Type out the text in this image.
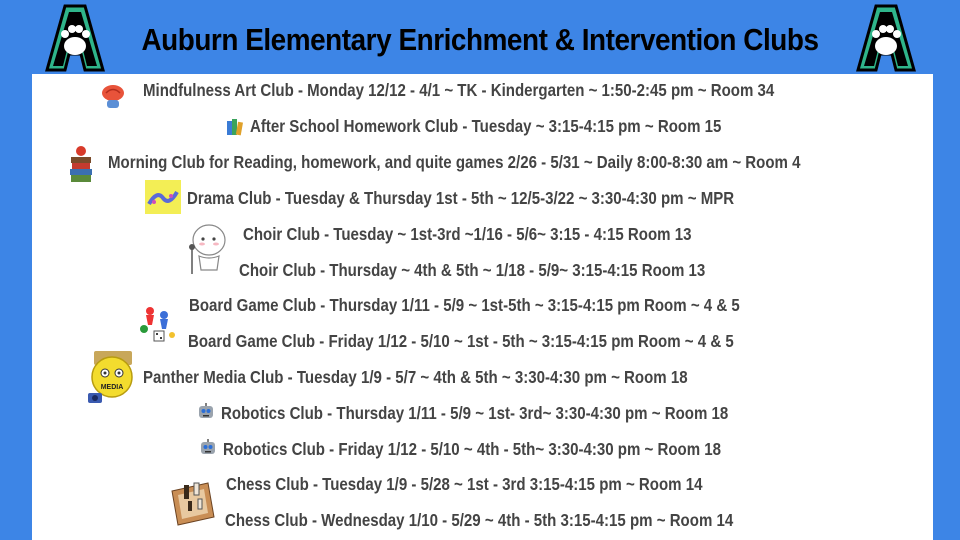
Auburn Elementary Enrichment & Intervention Clubs
MEDIA
Mindfulness Art Club - Monday 12/12 - 4/1 ~ TK - Kindergarten ~ 1:50-2:45 pm ~ Room 34
After School Homework Club - Tuesday ~ 3:15-4:15 pm ~ Room 15
Morning Club for Reading, homework, and quite games 2/26 - 5/31 ~ Daily 8:00-8:30 am ~ Room 4
Drama Club - Tuesday & Thursday 1st - 5th ~ 12/5-3/22 ~ 3:30-4:30 pm ~ MPR
Choir Club - Tuesday ~ 1st-3rd ~1/16 - 5/6~ 3:15 - 4:15 Room 13
Choir Club - Thursday ~ 4th & 5th ~ 1/18 - 5/9~ 3:15-4:15 Room 13
Board Game Club - Thursday 1/11 - 5/9 ~ 1st-5th ~ 3:15-4:15 pm Room ~ 4 & 5
Board Game Club - Friday 1/12 - 5/10 ~ 1st - 5th ~ 3:15-4:15 pm Room ~ 4 & 5
Panther Media Club - Tuesday 1/9 - 5/7 ~ 4th & 5th ~ 3:30-4:30 pm ~ Room 18
Robotics Club - Thursday 1/11 - 5/9 ~ 1st- 3rd~ 3:30-4:30 pm ~ Room 18
Robotics Club - Friday 1/12 - 5/10 ~ 4th - 5th~ 3:30-4:30 pm ~ Room 18
Chess Club - Tuesday 1/9 - 5/28 ~ 1st - 3rd 3:15-4:15 pm ~ Room 14
Chess Club - Wednesday 1/10 - 5/29 ~ 4th - 5th 3:15-4:15 pm ~ Room 14
